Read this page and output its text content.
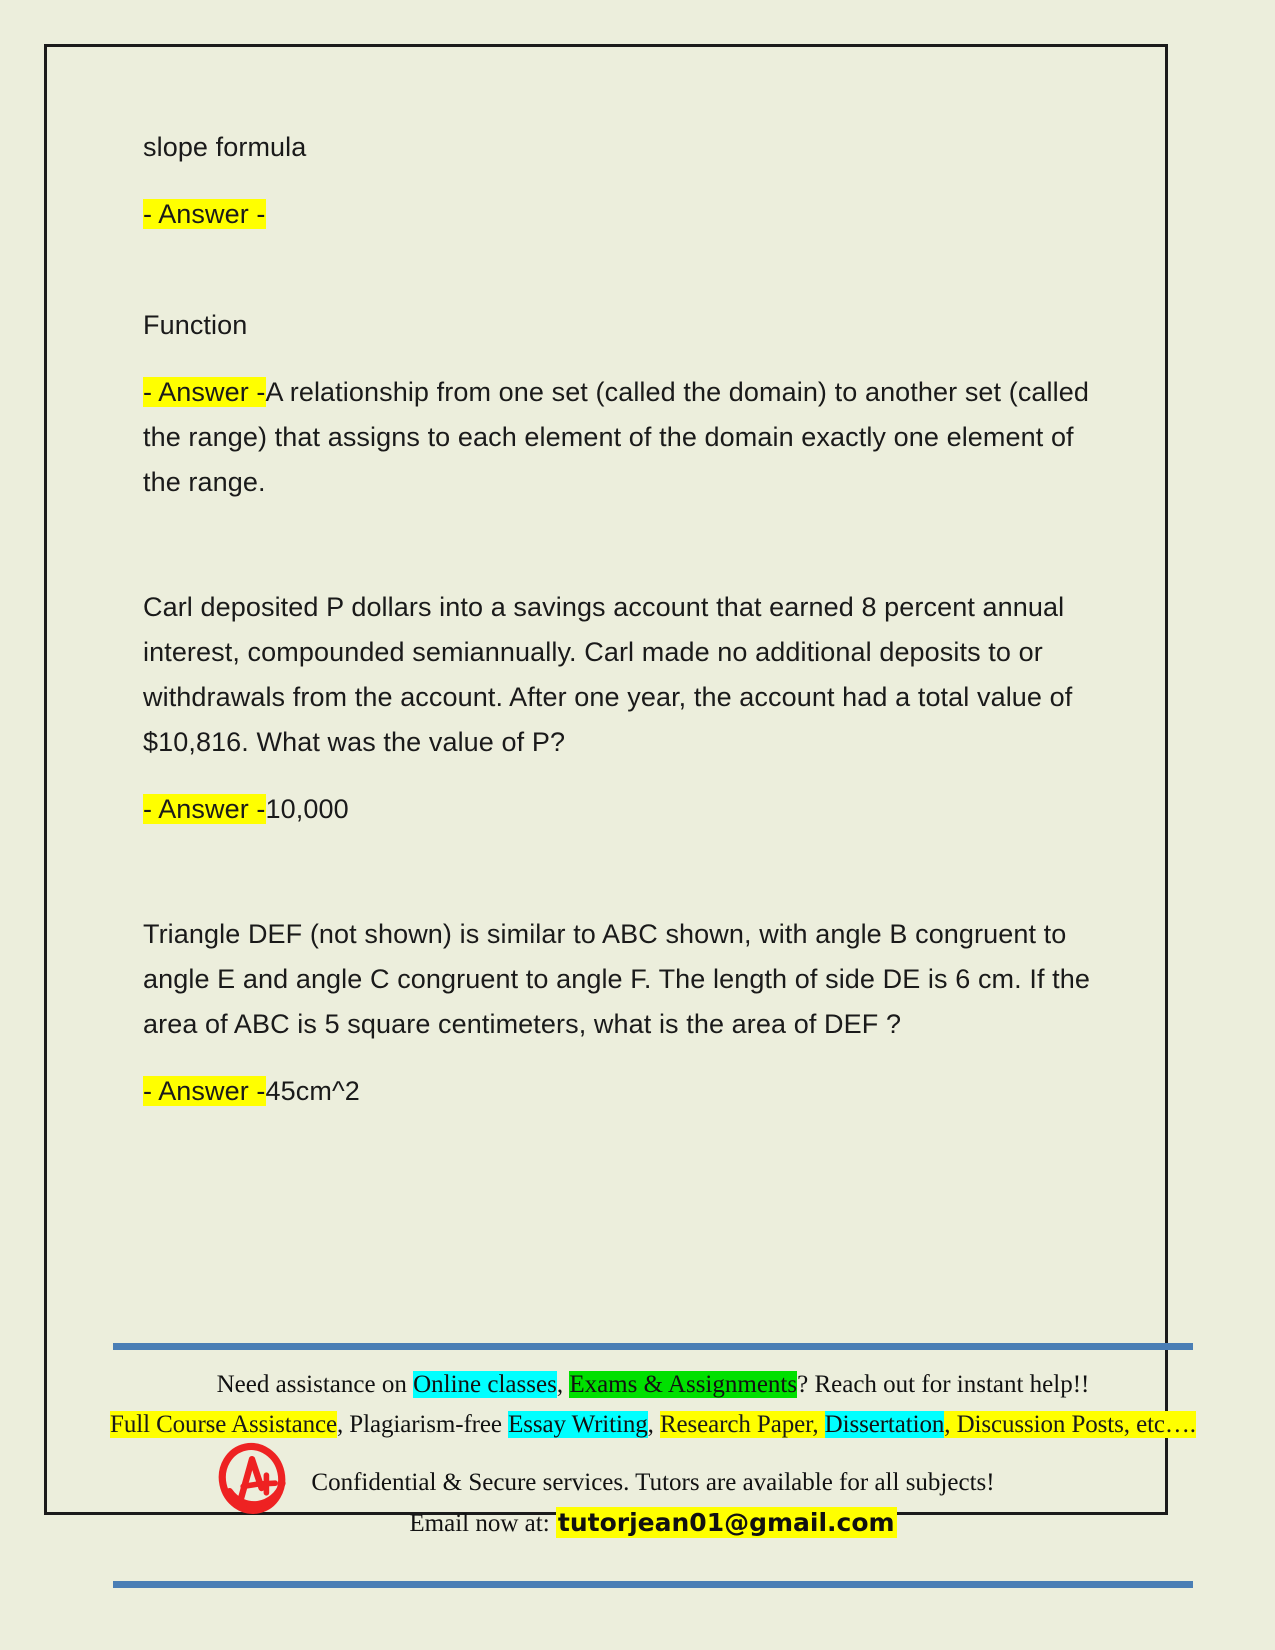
slope formula

- Answer -

Function

- Answer -A relationship from one set (called the domain) to another set (called the range) that assigns to each element of the domain exactly one element of the range.

Carl deposited P dollars into a savings account that earned 8 percent annual interest, compounded semiannually. Carl made no additional deposits to or withdrawals from the account. After one year, the account had a total value of $10,816. What was the value of P?

- Answer -10,000

Triangle DEF (not shown) is similar to ABC shown, with angle B congruent to angle E and angle C congruent to angle F. The length of side DE is 6 cm. If the area of ABC is 5 square centimeters, what is the area of DEF ?

- Answer -45cm^2

Need assistance on Online classes, Exams & Assignments? Reach out for instant help!!
Full Course Assistance, Plagiarism-free Essay Writing, Research Paper, Dissertation, Discussion Posts, etc….
Confidential & Secure services. Tutors are available for all subjects!
Email now at: tutorjean01@gmail.com
